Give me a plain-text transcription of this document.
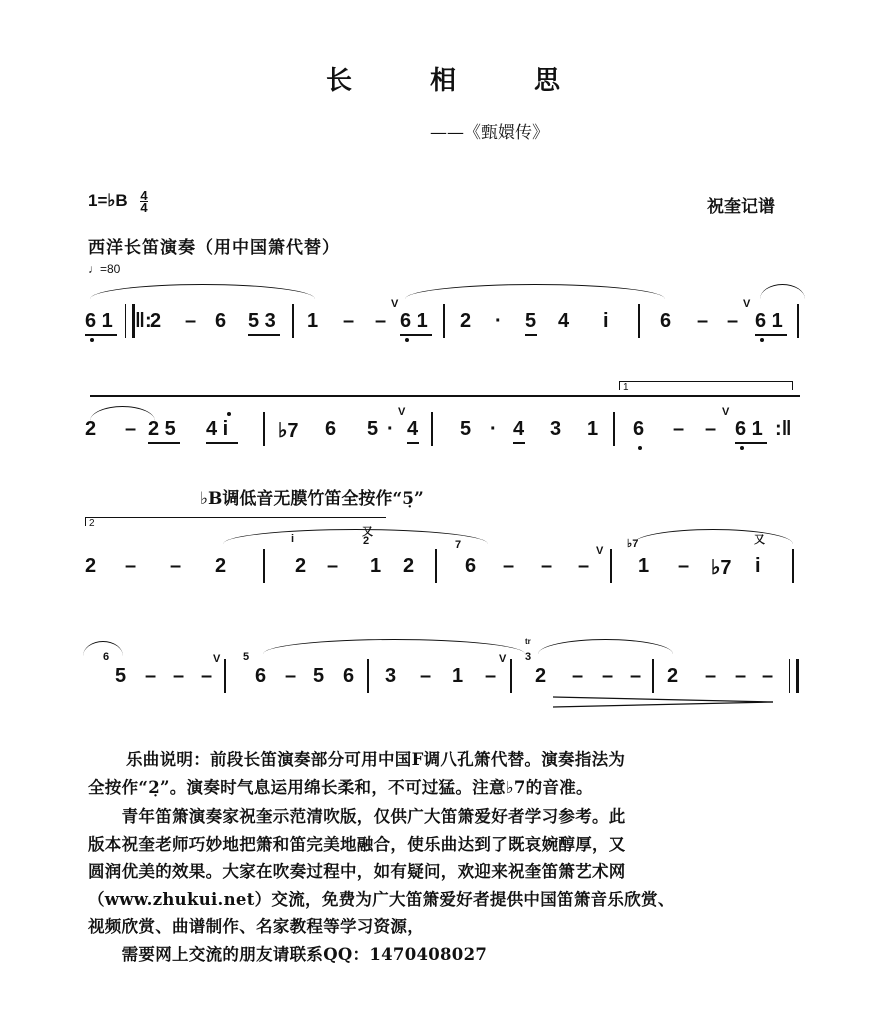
长	相	思
——《甄嬛传》
1=♭B $\frac{4}{4}$	祝奎记谱
西洋长笛演奏（用中国箫代替）
♩=80
6 1 ‖:
2 – 6 5 3 1 – –
V
6 1 2 · 5 4 i	6 – –
V
6 1
2 – 2 5 4 i ♭7 6 5 ·
V
4 5 · 4 3 1
1
6 – –
V
6 1 :‖
♭B调低音无膜竹笛全按作“5̣”
2
2 – – 2
i
2 –
又
2
1 2
7
6 – – –
V
♭7
1 – ♭7
又
i
6
5 – – –
V 5
6 – 5 6 3 – 1 –
V
tr
3
2 – – – 2 – – –
乐曲说明：前段长笛演奏部分可用中国F调八孔箫代替。演奏指法为
全按作“2̣”。演奏时气息运用绵长柔和，不可过猛。注意♭7的音准。
　　青年笛箫演奏家祝奎示范清吹版，仅供广大笛箫爱好者学习参考。此
版本祝奎老师巧妙地把箫和笛完美地融合，使乐曲达到了既哀婉醇厚，又
圆润优美的效果。大家在吹奏过程中，如有疑问，欢迎来祝奎笛箫艺术网
（www.zhukui.net）交流，免费为广大笛箫爱好者提供中国笛箫音乐欣赏、
视频欣赏、曲谱制作、名家教程等学习资源，
　　需要网上交流的朋友请联系QQ：1470408027
